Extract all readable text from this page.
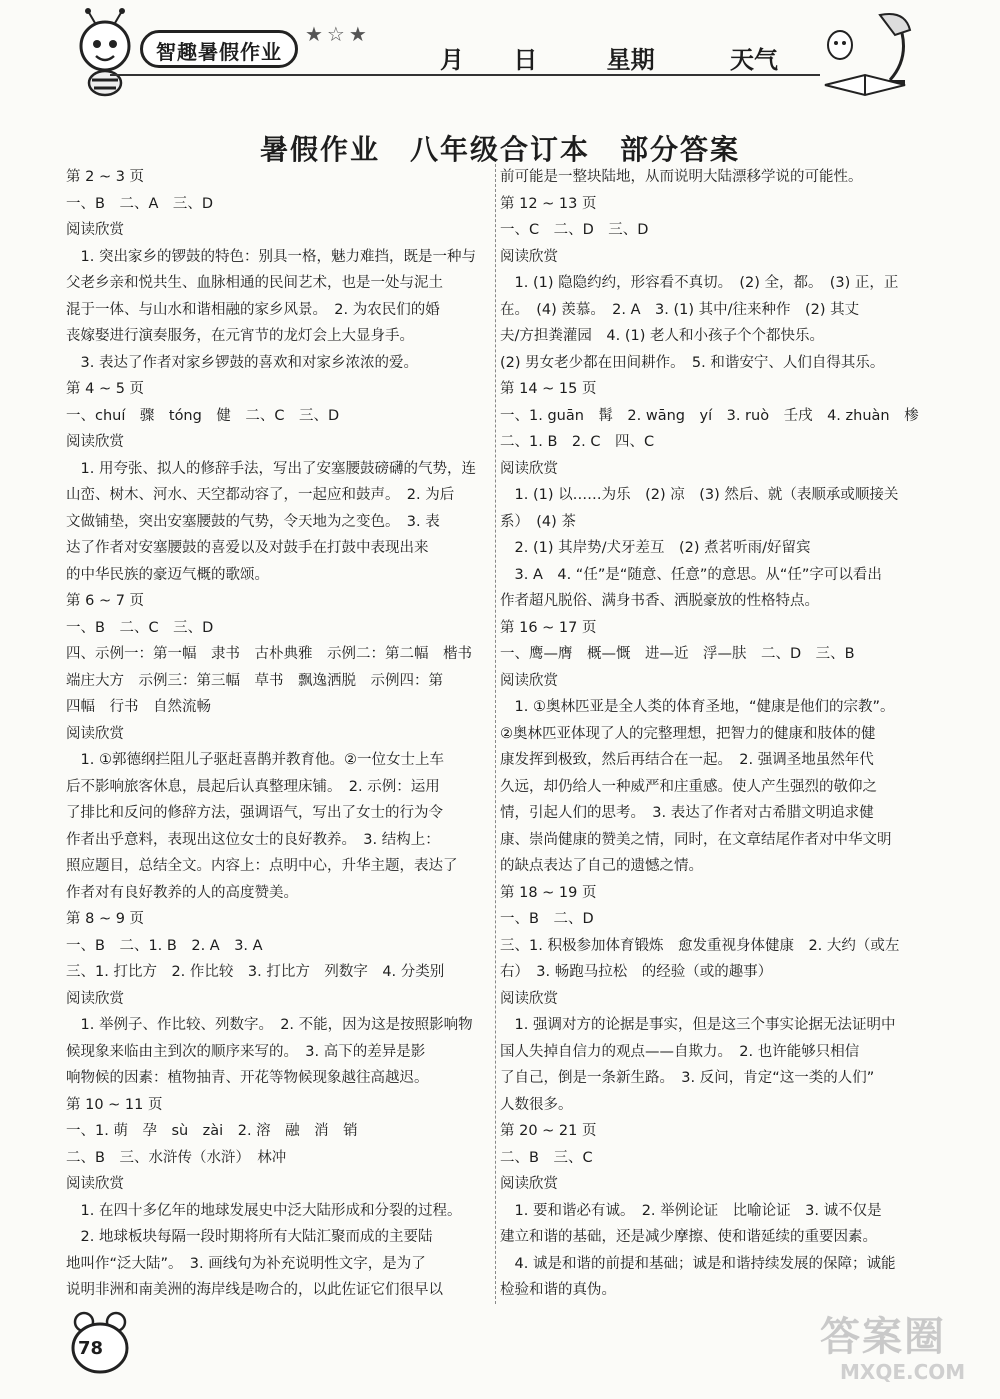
智趣暑假作业
★☆★
月	日	星期	天气
暑假作业　八年级合订本　部分答案
第 2 ~ 3 页
一、B　二、A　三、D
阅读欣赏
　1. 突出家乡的锣鼓的特色：别具一格，魅力难挡，既是一种与
父老乡亲和悦共生、血脉相通的民间艺术，也是一处与泥土
混于一体、与山水和谐相融的家乡风景。　2. 为农民们的婚
丧嫁娶进行演奏服务，在元宵节的龙灯会上大显身手。
　3. 表达了作者对家乡锣鼓的喜欢和对家乡浓浓的爱。
第 4 ~ 5 页
一、chuí　骤　tóng　健　二、C　三、D
阅读欣赏
　1. 用夸张、拟人的修辞手法，写出了安塞腰鼓磅礴的气势，连
山峦、树木、河水、天空都动容了，一起应和鼓声。　2. 为后
文做铺垫，突出安塞腰鼓的气势，令天地为之变色。　3. 表
达了作者对安塞腰鼓的喜爱以及对鼓手在打鼓中表现出来
的中华民族的豪迈气概的歌颂。
第 6 ~ 7 页
一、B　二、C　三、D
四、示例一：第一幅　隶书　古朴典雅　示例二：第二幅　楷书
端庄大方　示例三：第三幅　草书　飘逸洒脱　示例四：第
四幅　行书　自然流畅
阅读欣赏
　1. ①郭德纲拦阻儿子驱赶喜鹊并教育他。②一位女士上车
后不影响旅客休息，晨起后认真整理床铺。　2. 示例：运用
了排比和反问的修辞方法，强调语气，写出了女士的行为令
作者出乎意料，表现出这位女士的良好教养。　3. 结构上：
照应题目，总结全文。内容上：点明中心，升华主题，表达了
作者对有良好教养的人的高度赞美。
第 8 ~ 9 页
一、B　二、1. B　2. A　3. A
三、1. 打比方　2. 作比较　3. 打比方　列数字　4. 分类别
阅读欣赏
　1. 举例子、作比较、列数字。　2. 不能，因为这是按照影响物
候现象来临由主到次的顺序来写的。　3. 高下的差异是影
响物候的因素：植物抽青、开花等物候现象越往高越迟。
第 10 ~ 11 页
一、1. 萌　孕　sù　zài　2. 溶　融　消　销
二、B　三、水浒传（水浒）　林冲
阅读欣赏
　1. 在四十多亿年的地球发展史中泛大陆形成和分裂的过程。
　2. 地球板块每隔一段时期将所有大陆汇聚而成的主要陆
地叫作“泛大陆”。　3. 画线句为补充说明性文字，是为了
说明非洲和南美洲的海岸线是吻合的，以此佐证它们很早以
前可能是一整块陆地，从而说明大陆漂移学说的可能性。
第 12 ~ 13 页
一、C　二、D　三、D
阅读欣赏
　1. (1) 隐隐约约，形容看不真切。　(2) 全，都。　(3) 正，正
在。　(4) 羡慕。　2. A　3. (1) 其中/往来种作　(2) 其丈
夫/方担粪灌园　4. (1) 老人和小孩子个个都快乐。
(2) 男女老少都在田间耕作。　5. 和谐安宁、人们自得其乐。
第 14 ~ 15 页
一、1. guān　髯　2. wāng　yí　3. ruò　壬戌　4. zhuàn　椮
二、1. B　2. C　四、C
阅读欣赏
　1. (1) 以……为乐　(2) 凉　(3) 然后、就（表顺承或顺接关
系）　(4) 茶
　2. (1) 其岸势/犬牙差互　(2) 煮茗听雨/好留宾
　3. A　4. “任”是“随意、任意”的意思。从“任”字可以看出
作者超凡脱俗、满身书香、洒脱豪放的性格特点。
第 16 ~ 17 页
一、鹰—膺　概—慨　进—近　浮—肤　二、D　三、B
阅读欣赏
　1. ①奥林匹亚是全人类的体育圣地，“健康是他们的宗教”。
②奥林匹亚体现了人的完整理想，把智力的健康和肢体的健
康发挥到极致，然后再结合在一起。　2. 强调圣地虽然年代
久远，却仍给人一种威严和庄重感。使人产生强烈的敬仰之
情，引起人们的思考。　3. 表达了作者对古希腊文明追求健
康、崇尚健康的赞美之情，同时，在文章结尾作者对中华文明
的缺点表达了自己的遗憾之情。
第 18 ~ 19 页
一、B　二、D
三、1. 积极参加体育锻炼　愈发重视身体健康　2. 大约（或左
右）　3. 畅跑马拉松　的经验（或的趣事）
阅读欣赏
　1. 强调对方的论据是事实，但是这三个事实论据无法证明中
国人失掉自信力的观点——自欺力。　2. 也许能够只相信
了自己，倒是一条新生路。　3. 反问，肯定“这一类的人们”
人数很多。
第 20 ~ 21 页
二、B　三、C
阅读欣赏
　1. 要和谐必有诚。　2. 举例论证　比喻论证　3. 诚不仅是
建立和谐的基础，还是减少摩擦、使和谐延续的重要因素。
　4. 诚是和谐的前提和基础；诚是和谐持续发展的保障；诚能
检验和谐的真伪。
78	答案圈
MXQE.COM
